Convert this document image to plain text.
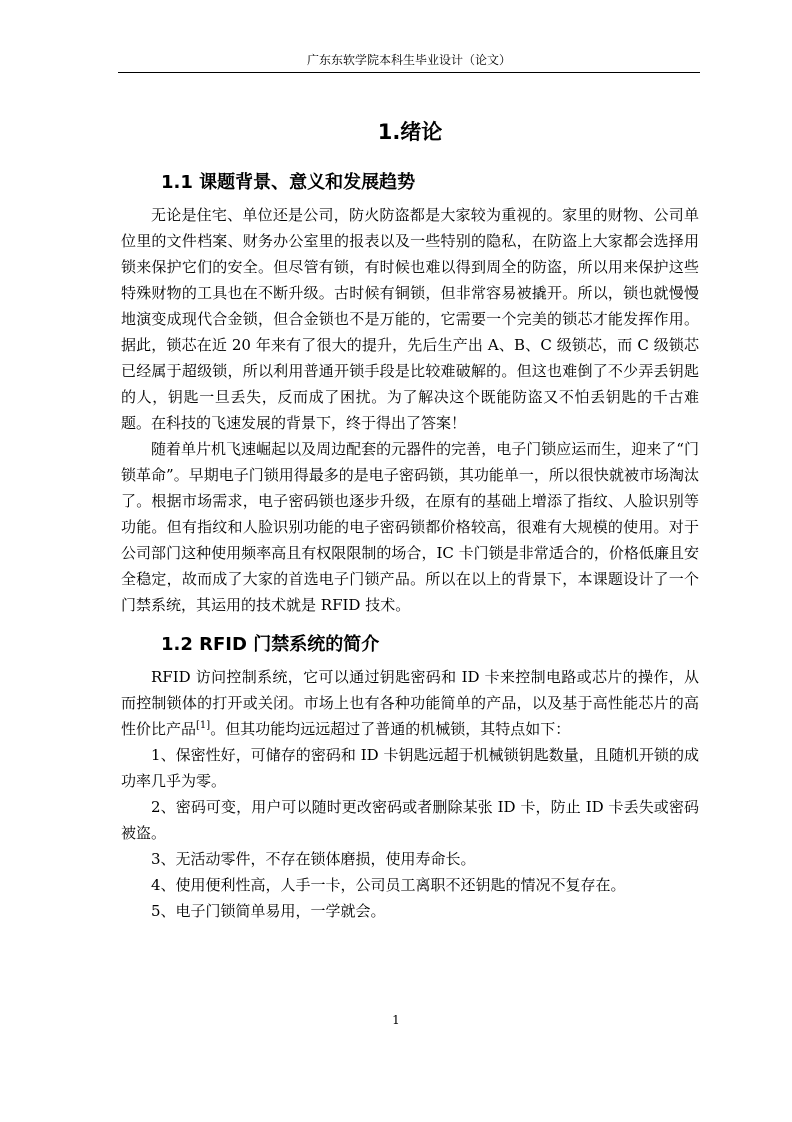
广东东软学院本科生毕业设计（论文）
1.绪论
1.1 课题背景、意义和发展趋势

无论是住宅、单位还是公司，防火防盗都是大家较为重视的。家里的财物、公司单位里的文件档案、财务办公室里的报表以及一些特别的隐私，在防盗上大家都会选择用锁来保护它们的安全。但尽管有锁，有时候也难以得到周全的防盗，所以用来保护这些特殊财物的工具也在不断升级。古时候有铜锁，但非常容易被撬开。所以，锁也就慢慢地演变成现代合金锁，但合金锁也不是万能的，它需要一个完美的锁芯才能发挥作用。据此，锁芯在近 20 年来有了很大的提升，先后生产出 A、B、C 级锁芯，而 C 级锁芯已经属于超级锁，所以利用普通开锁手段是比较难破解的。但这也难倒了不少弄丢钥匙的人，钥匙一旦丢失，反而成了困扰。为了解决这个既能防盗又不怕丢钥匙的千古难题。在科技的飞速发展的背景下，终于得出了答案！

随着单片机飞速崛起以及周边配套的元器件的完善，电子门锁应运而生，迎来了“门锁革命”。早期电子门锁用得最多的是电子密码锁，其功能单一，所以很快就被市场淘汰了。根据市场需求，电子密码锁也逐步升级，在原有的基础上增添了指纹、人脸识别等功能。但有指纹和人脸识别功能的电子密码锁都价格较高，很难有大规模的使用。对于公司部门这种使用频率高且有权限限制的场合，IC 卡门锁是非常适合的，价格低廉且安全稳定，故而成了大家的首选电子门锁产品。所以在以上的背景下，本课题设计了一个门禁系统，其运用的技术就是 RFID 技术。

1.2 RFID 门禁系统的简介

RFID 访问控制系统，它可以通过钥匙密码和 ID 卡来控制电路或芯片的操作，从而控制锁体的打开或关闭。市场上也有各种功能简单的产品，以及基于高性能芯片的高性价比产品[1]。但其功能均远远超过了普通的机械锁，其特点如下：

1、保密性好，可储存的密码和 ID 卡钥匙远超于机械锁钥匙数量，且随机开锁的成功率几乎为零。

2、密码可变，用户可以随时更改密码或者删除某张 ID 卡，防止 ID 卡丢失或密码被盗。

3、无活动零件，不存在锁体磨损，使用寿命长。

4、使用便利性高，人手一卡，公司员工离职不还钥匙的情况不复存在。

5、电子门锁简单易用，一学就会。

1
